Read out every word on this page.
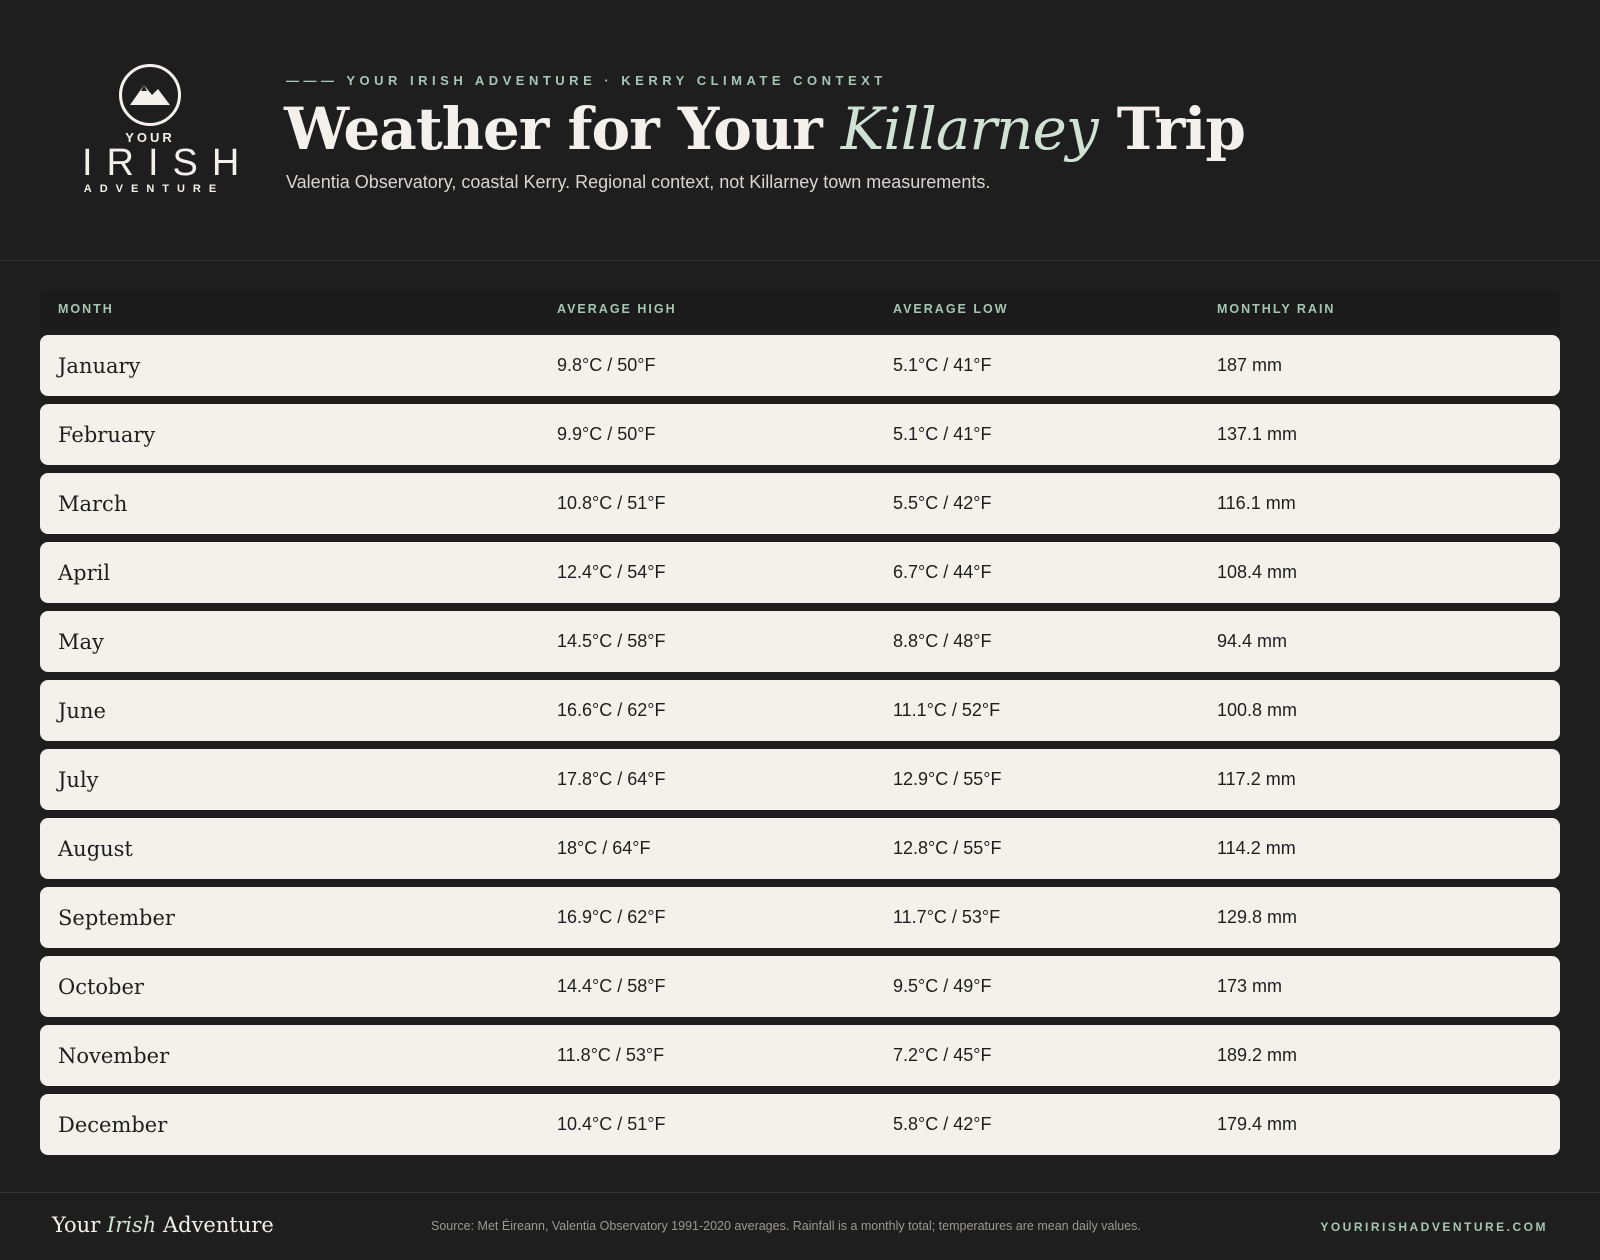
YOUR
IRISH
ADVENTURE
——— YOUR IRISH ADVENTURE · KERRY CLIMATE CONTEXT
Weather for Your Killarney Trip
Valentia Observatory, coastal Kerry. Regional context, not Killarney town measurements.
MONTH	AVERAGE HIGH	AVERAGE LOW	MONTHLY RAIN
January	9.8°C / 50°F	5.1°C / 41°F	187 mm
February	9.9°C / 50°F	5.1°C / 41°F	137.1 mm
March	10.8°C / 51°F	5.5°C / 42°F	116.1 mm
April	12.4°C / 54°F	6.7°C / 44°F	108.4 mm
May	14.5°C / 58°F	8.8°C / 48°F	94.4 mm
June	16.6°C / 62°F	11.1°C / 52°F	100.8 mm
July	17.8°C / 64°F	12.9°C / 55°F	117.2 mm
August	18°C / 64°F	12.8°C / 55°F	114.2 mm
September	16.9°C / 62°F	11.7°C / 53°F	129.8 mm
October	14.4°C / 58°F	9.5°C / 49°F	173 mm
November	11.8°C / 53°F	7.2°C / 45°F	189.2 mm
December	10.4°C / 51°F	5.8°C / 42°F	179.4 mm
Your Irish Adventure	Source: Met Éireann, Valentia Observatory 1991-2020 averages. Rainfall is a monthly total; temperatures are mean daily values.	YOURIRISHADVENTURE.COM
